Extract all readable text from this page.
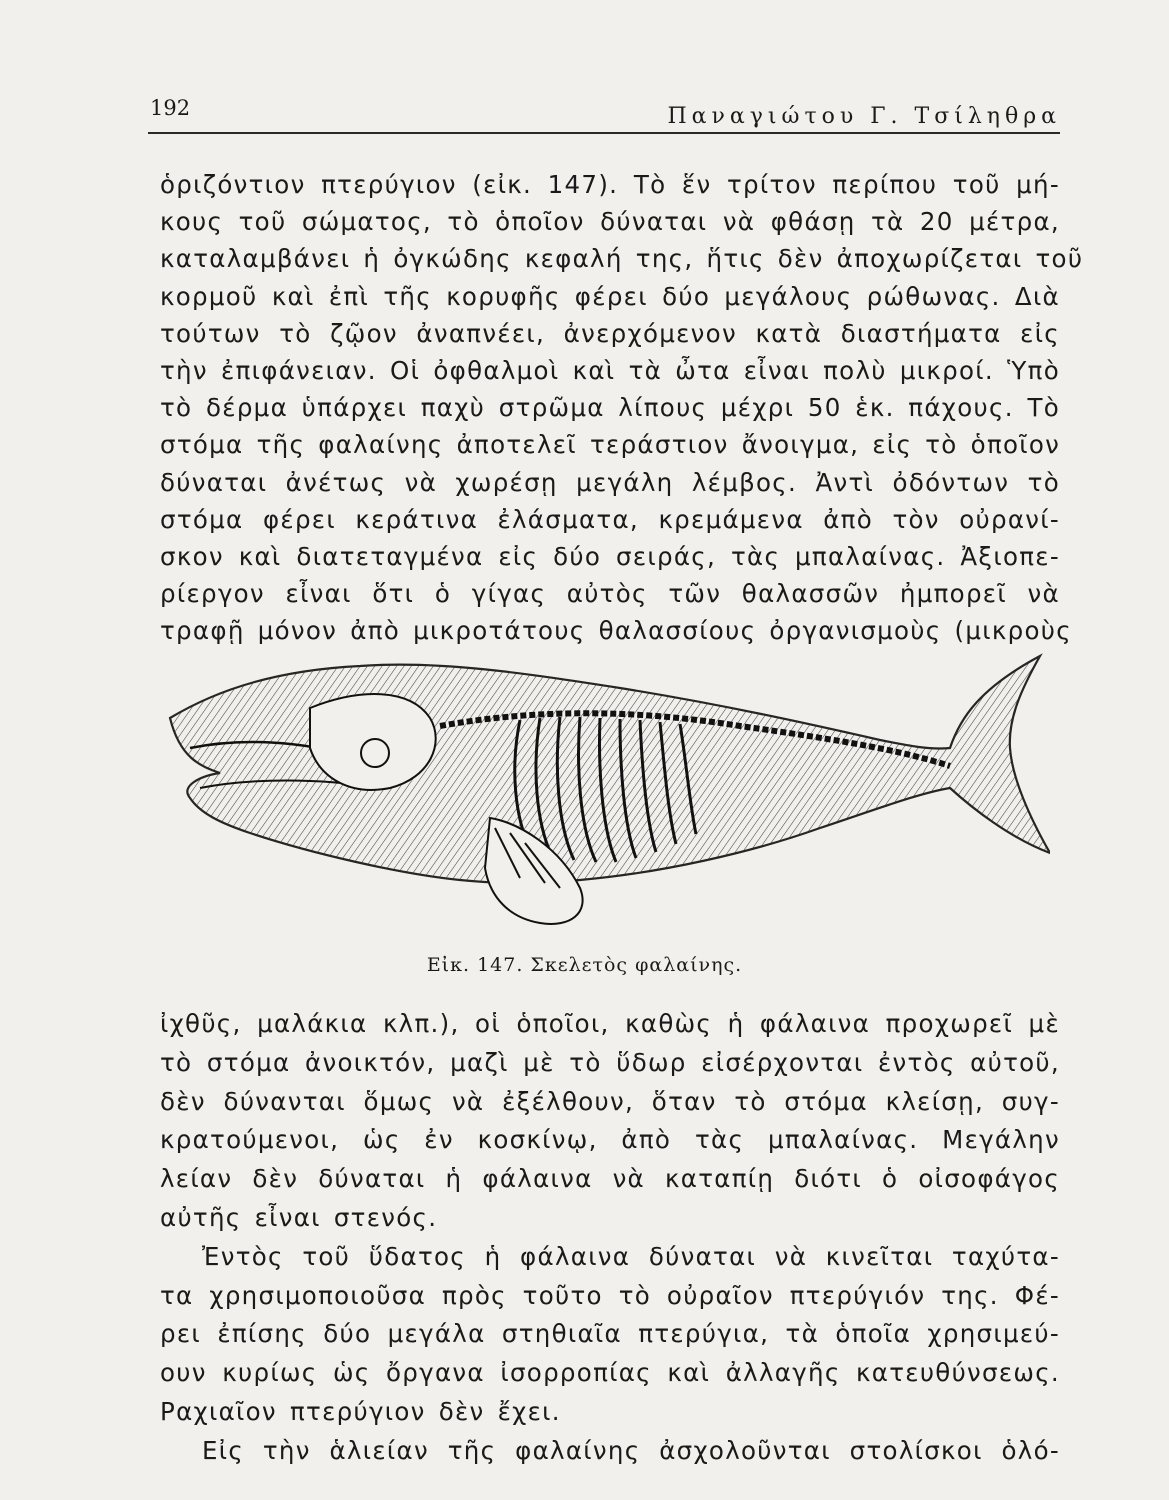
192	Παναγιώτου Γ. Τσίληθρα
ὁριζόντιον πτερύγιον (εἰκ. 147). Τὸ ἕν τρίτον περίπου τοῦ μή-
κους τοῦ σώματος, τὸ ὁποῖον δύναται νὰ φθάσῃ τὰ 20 μέτρα,
καταλαμβάνει ἡ ὀγκώδης κεφαλή της, ἥτις δὲν ἀποχωρίζεται τοῦ
κορμοῦ καὶ ἐπὶ τῆς κορυφῆς φέρει δύο μεγάλους ρώθωνας. Διὰ
τούτων τὸ ζῷον ἀναπνέει, ἀνερχόμενον κατὰ διαστήματα εἰς
τὴν ἐπιφάνειαν. Οἱ ὀφθαλμοὶ καὶ τὰ ὦτα εἶναι πολὺ μικροί. Ὑπὸ
τὸ δέρμα ὑπάρχει παχὺ στρῶμα λίπους μέχρι 50 ἑκ. πάχους. Τὸ
στόμα τῆς φαλαίνης ἀποτελεῖ τεράστιον ἄνοιγμα, εἰς τὸ ὁποῖον
δύναται ἀνέτως νὰ χωρέσῃ μεγάλη λέμβος. Ἀντὶ ὀδόντων τὸ
στόμα φέρει κεράτινα ἐλάσματα, κρεμάμενα ἀπὸ τὸν οὐρανί-
σκον καὶ διατεταγμένα εἰς δύο σειράς, τὰς μπαλαίνας. Ἀξιοπε-
ρίεργον εἶναι ὅτι ὁ γίγας αὐτὸς τῶν θαλασσῶν ἠμπορεῖ νὰ
τραφῇ μόνον ἀπὸ μικροτάτους θαλασσίους ὀργανισμοὺς (μικροὺς
Εἰκ. 147. Σκελετὸς φαλαίνης.
ἰχθῦς, μαλάκια κλπ.), οἱ ὁποῖοι, καθὼς ἡ φάλαινα προχωρεῖ μὲ
τὸ στόμα ἀνοικτόν, μαζὶ μὲ τὸ ὕδωρ εἰσέρχονται ἐντὸς αὐτοῦ,
δὲν δύνανται ὅμως νὰ ἐξέλθουν, ὅταν τὸ στόμα κλείσῃ, συγ-
κρατούμενοι, ὡς ἐν κοσκίνῳ, ἀπὸ τὰς μπαλαίνας. Μεγάλην
λείαν δὲν δύναται ἡ φάλαινα νὰ καταπίῃ διότι ὁ οἰσοφάγος
αὐτῆς εἶναι στενός.
Ἐντὸς τοῦ ὕδατος ἡ φάλαινα δύναται νὰ κινεῖται ταχύτα-
τα χρησιμοποιοῦσα πρὸς τοῦτο τὸ οὐραῖον πτερύγιόν της. Φέ-
ρει ἐπίσης δύο μεγάλα στηθιαῖα πτερύγια, τὰ ὁποῖα χρησιμεύ-
ουν κυρίως ὡς ὄργανα ἰσορροπίας καὶ ἀλλαγῆς κατευθύνσεως.
Ραχιαῖον πτερύγιον δὲν ἔχει.
Εἰς τὴν ἁλιείαν τῆς φαλαίνης ἀσχολοῦνται στολίσκοι ὁλό-
